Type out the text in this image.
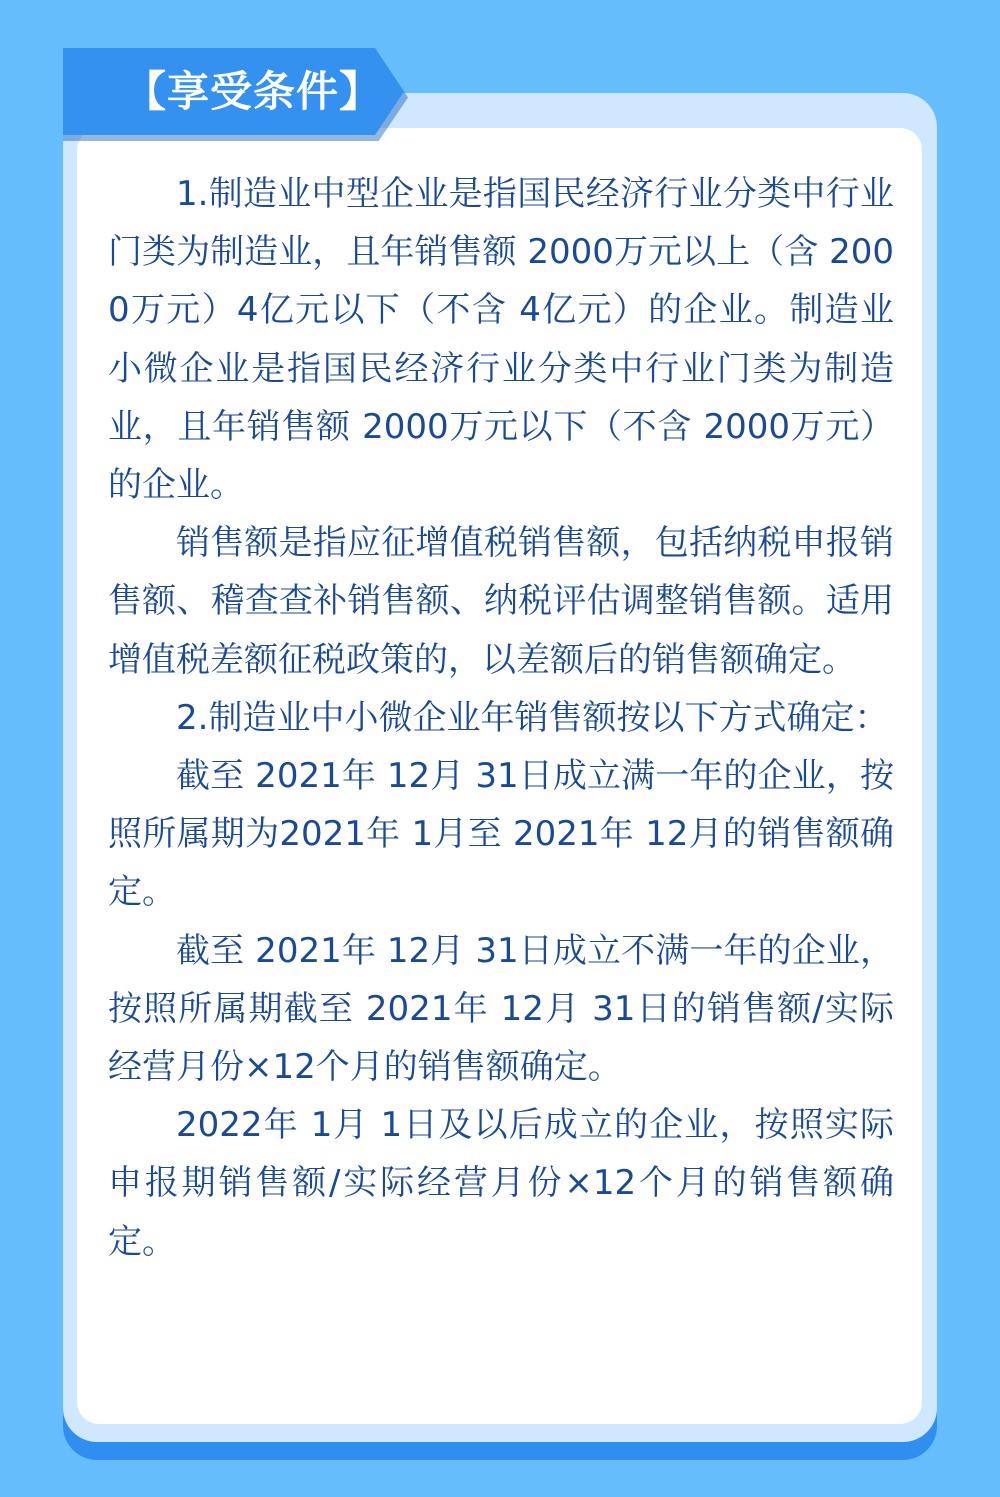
【享受条件】

1.制造业中型企业是指国民经济行业分类中行业门类为制造业，且年销售额 2000万元以上（含 2000万元）4亿元以下（不含 4亿元）的企业。制造业小微企业是指国民经济行业分类中行业门类为制造业，且年销售额 2000万元以下（不含 2000万元）的企业。

销售额是指应征增值税销售额，包括纳税申报销售额、稽查查补销售额、纳税评估调整销售额。适用增值税差额征税政策的，以差额后的销售额确定。

2.制造业中小微企业年销售额按以下方式确定：

截至 2021年 12月 31日成立满一年的企业，按照所属期为2021年 1月至 2021年 12月的销售额确定。

截至 2021年 12月 31日成立不满一年的企业，按照所属期截至 2021年 12月 31日的销售额/实际经营月份×12个月的销售额确定。

2022年 1月 1日及以后成立的企业，按照实际申报期销售额/实际经营月份×12个月的销售额确定。
